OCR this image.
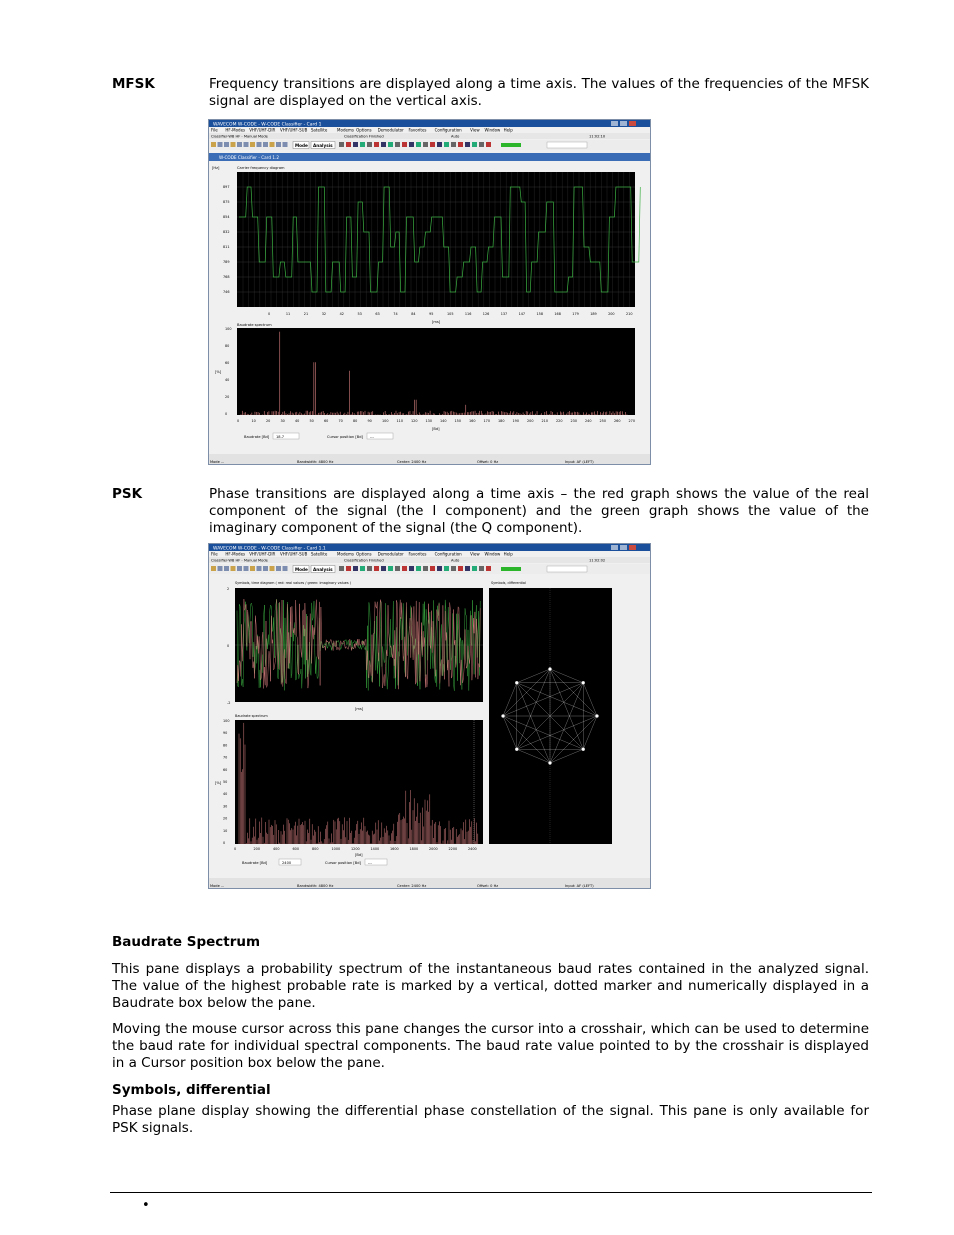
MFSK	Frequency transitions are displayed along a time axis. The values of the frequencies of the MFSK signal are displayed on the vertical axis.
WAVECOM W-CODE - W-CODE Classifier - Card 1
File HF-Modes VHF/UHF-DIR VHF/UHF-SUB Satellite Modems Options Demodulator Favorites Configuration View Window Help
Classifier-WB HF - Manual Mode	Classification Finished	Auto	11:02:10
Mode Analysis
W-CODE Classifier - Card 1.2
[Hz]	Carrier frequency diagram
897
875
854
832
811
789
768
746
0	11	21	32	42	53	63	74	84	95	105	116	126	137	147	158	168	179	189	200	210
[ms]
Baudrate spectrum
[%]
100
80
60
40
20
0
0	10	20	30	40	50	60	70	80	90	100 110 120 130 140 150 160 170 180 190 200 210 220 230 240 250 260 270
[Bd]
Baudrate [Bd] 18.7	Cursor position [Bd] ---
Mode ...	Bandwidth: 4800 Hz	Center: 2400 Hz	Offset: 0 Hz	Input: AF (LEFT)
PSK	Phase transitions are displayed along a time axis – the red graph shows the value of the real component of the signal (the I component) and the green graph shows the value of the imaginary component of the signal (the Q component).
WAVECOM W-CODE - W-CODE Classifier - Card 1.1
File HF-Modes VHF/UHF-DIR VHF/UHF-SUB Satellite Modems Options Demodulator Favorites Configuration View Window Help
Classifier-WB HF - Manual Mode	Classification Finished	Auto	11:02:02
Mode Analysis
Symbols, time diagram ( red: real values / green: imaginary values )
2
0
-2
[ms]
Baudrate spectrum
[%]
100
90
80
70
60
50
40
30
20
10
0
0	200	400	600	800	1000	1200	1400	1600	1800	2000	2200	2400
[Bd]
Symbols, differential
Baudrate [Bd]	2400	Cursor position [Bd] ---
Mode ...	Bandwidth: 4800 Hz	Center: 2400 Hz	Offset: 0 Hz	Input: AF (LEFT)
Baudrate Spectrum
This pane displays a probability spectrum of the instantaneous baud rates contained in the analyzed signal. The value of the highest probable rate is marked by a vertical, dotted marker and numerically displayed in a Baudrate box below the pane.
Moving the mouse cursor across this pane changes the cursor into a crosshair, which can be used to determine the baud rate for individual spectral components. The baud rate value pointed to by the crosshair is displayed in a Cursor position box below the pane.
Symbols, differential
Phase plane display showing the differential phase constellation of the signal. This pane is only available for PSK signals.
•
